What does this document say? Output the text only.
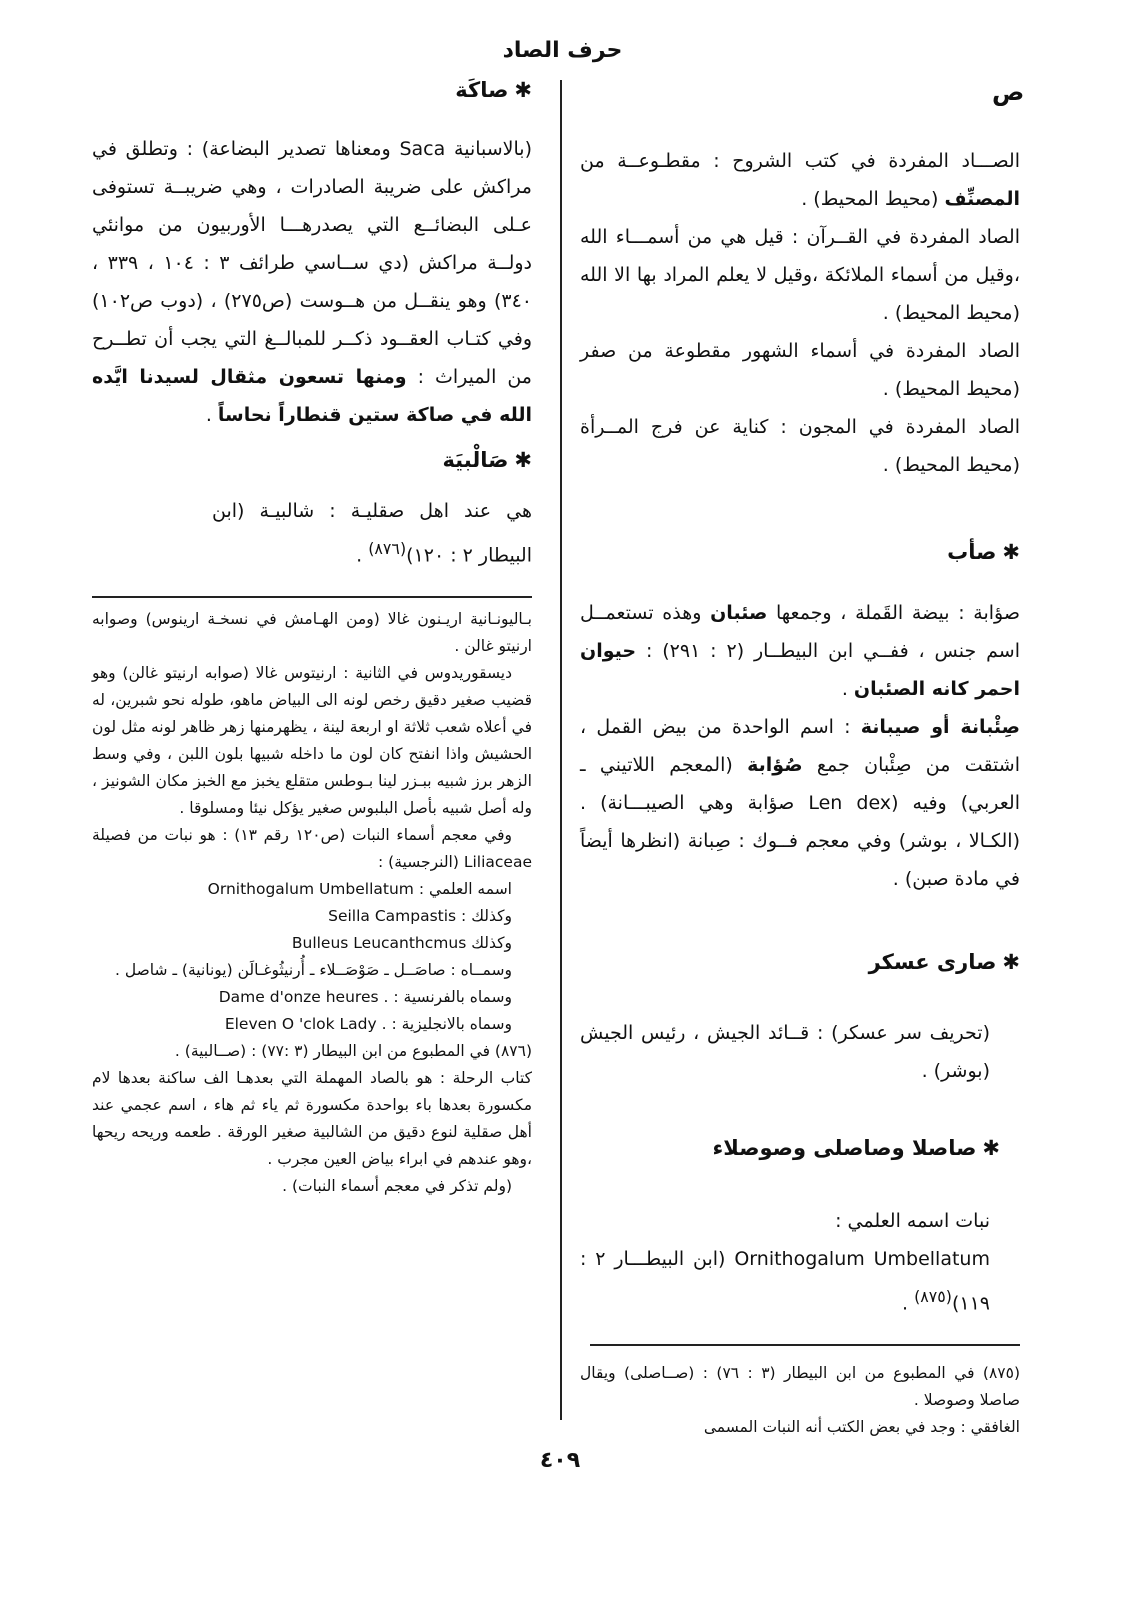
حرف الصاد
ص

الصـــاد المفردة في كتب الشروح : مقطـوعــة من المصنِّف (محيط المحيط) .

الصاد المفردة في القــرآن : قيل هي من أسمـــاء الله ،وقيل من أسماء الملائكة ،وقيل لا يعلم المراد بها الا الله (محيط المحيط) .

الصاد المفردة في أسماء الشهور مقطوعة من صفر (محيط المحيط) .

الصاد المفردة في المجون : كناية عن فرج المــرأة (محيط المحيط) .

✱صأب

صؤابة : بيضة القَملة ، وجمعها صئبان وهذه تستعمــل اسم جنس ، ففــي ابن البيطــار (٢ : ٢٩١) : حيوان احمر كانه الصئبان .

صِئْبانة أو صيبانة : اسم الواحدة من بيض القمل ، اشتقت من صِئْبان جمع صُؤابة (المعجم اللاتيني ـ العربي) وفيه (Len dex صؤابة وهي الصيبـــانة) . (الكـالا ، بوشر) وفي معجم فــوك : صِبانة (انظرها أيضاً في مادة صبن) .

✱صارى عسكر

(تحريف سر عسكر) : قــائد الجيش ، رئيس الجيش (بوشر) .

✱صاصلا وصاصلى وصوصلاء

نبات اسمه العلمي :

Ornithogalum Umbellatum (ابن البيطـــار ٢ : ١١٩)$^{(٨٧٥)}$ .

(٨٧٥) في المطبوع من ابن البيطار (٣ : ٧٦) : (صــاصلى) ويقال صاصلا وصوصلا .

الغافقي : وجد في بعض الكتب أنه النبات المسمى

✱صاكَة

(بالاسبانية Saca ومعناها تصدير البضاعة) : وتطلق في مراكش على ضريبة الصادرات ، وهي ضريبــة تستوفى عـلى البضائــع التي يصدرهـــا الأوربيون من موانئي دولــة مراكش (دي ســاسي طرائف ٣ : ١٠٤ ، ٣٣٩ ، ٣٤٠) وهو ينقــل من هــوست (ص٢٧٥) ، (دوب ص١٠٢) وفي كتـاب العقــود ذكــر للمبالــغ التي يجب أن تطــرح من الميراث : ومنها تسعون مثقال لسيدنا ايَّده الله في صاكة ستين قنطاراً نحاساً .

✱صَالْبيَة

هي عند اهل صقليـة : شالبيـة (ابن البيطار ٢ : ١٢٠)$^{(٨٧٦)}$ .

بـاليونـانية اريـنون غالا (ومن الهـامش في نسخـة ارينوس) وصوابه ارنيتو غالن .

ديسقوريدوس في الثانية : ارنيتوس غالا (صوابه ارنيتو غالن) وهو قضيب صغير دقيق رخص لونه الى البياض ماهو، طوله نحو شبرين، له في أعلاه شعب ثلاثة او اربعة لينة ، يظهرمنها زهر ظاهر لونه مثل لون الحشيش واذا انفتح كان لون ما داخله شبيها بلون اللبن ، وفي وسط الزهر برز شبيه ببـزر لينا بـوطس متقلع يخبز مع الخبز مكان الشونيز ، وله أصل شبيه بأصل البلبوس صغير يؤكل نيئا ومسلوقا .

وفي معجم أسماء النبات (ص١٢٠ رقم ١٣) : هو نبات من فصيلة Liliaceae (النرجسية) :

اسمه العلمي : Ornithogalum Umbellatum

وكذلك : Seilla Campastis

وكذلك Bulleus Leucanthcmus

وسمــاه : صاصَــل ـ صَوْصَــلاء ـ أُرنيثُوغـالَن (يونانية) ـ شاصل .

وسماه بالفرنسية : . Dame d'onze heures

وسماه بالانجليزية : . Eleven O 'clok Lady

(٨٧٦) في المطبوع من ابن البيطار (٣ :٧٧) : (صــالبية) .

كتاب الرحلة : هو بالصاد المهملة التي بعدهـا الف ساكنة بعدها لام مكسورة بعدها باء بواحدة مكسورة ثم ياء ثم هاء ، اسم عجمي عند أهل صقلية لنوع دقيق من الشالبية صغير الورقة . طعمه وريحه ريحها ،وهو عندهم في ابراء بياض العين مجرب .

(ولم تذكر في معجم أسماء النبات) .

٤٠٩
